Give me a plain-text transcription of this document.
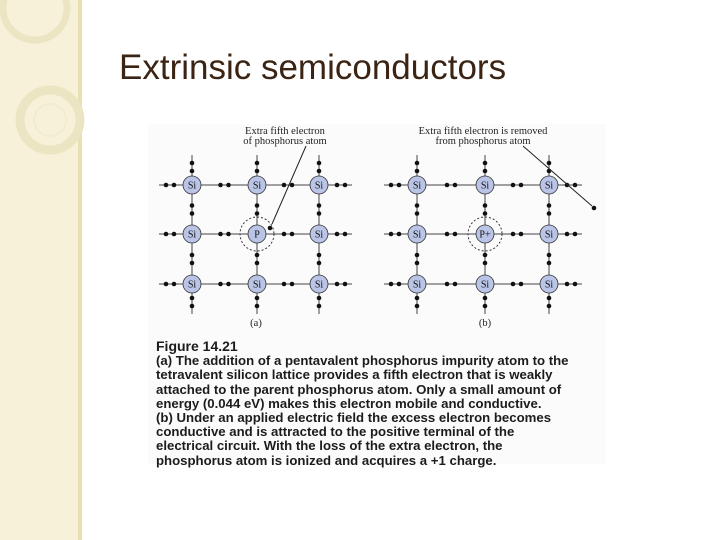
Extrinsic semiconductors
Extra fifth electron
of phosphorus atom
Si	Si	Si
Si	P	Si
Si	Si	Si
(a)
Extra fifth electron is removed
from phosphorus atom
Si	Si	Si
Si	P+	Si
Si	Si	Si
(b)
Figure 14.21
(a) The addition of a pentavalent phosphorus impurity atom to the
tetravalent silicon lattice provides a fifth electron that is weakly
attached to the parent phosphorus atom. Only a small amount of
energy (0.044 eV) makes this electron mobile and conductive.
(b) Under an applied electric field the excess electron becomes
conductive and is attracted to the positive terminal of the
electrical circuit. With the loss of the extra electron, the
phosphorus atom is ionized and acquires a +1 charge.
